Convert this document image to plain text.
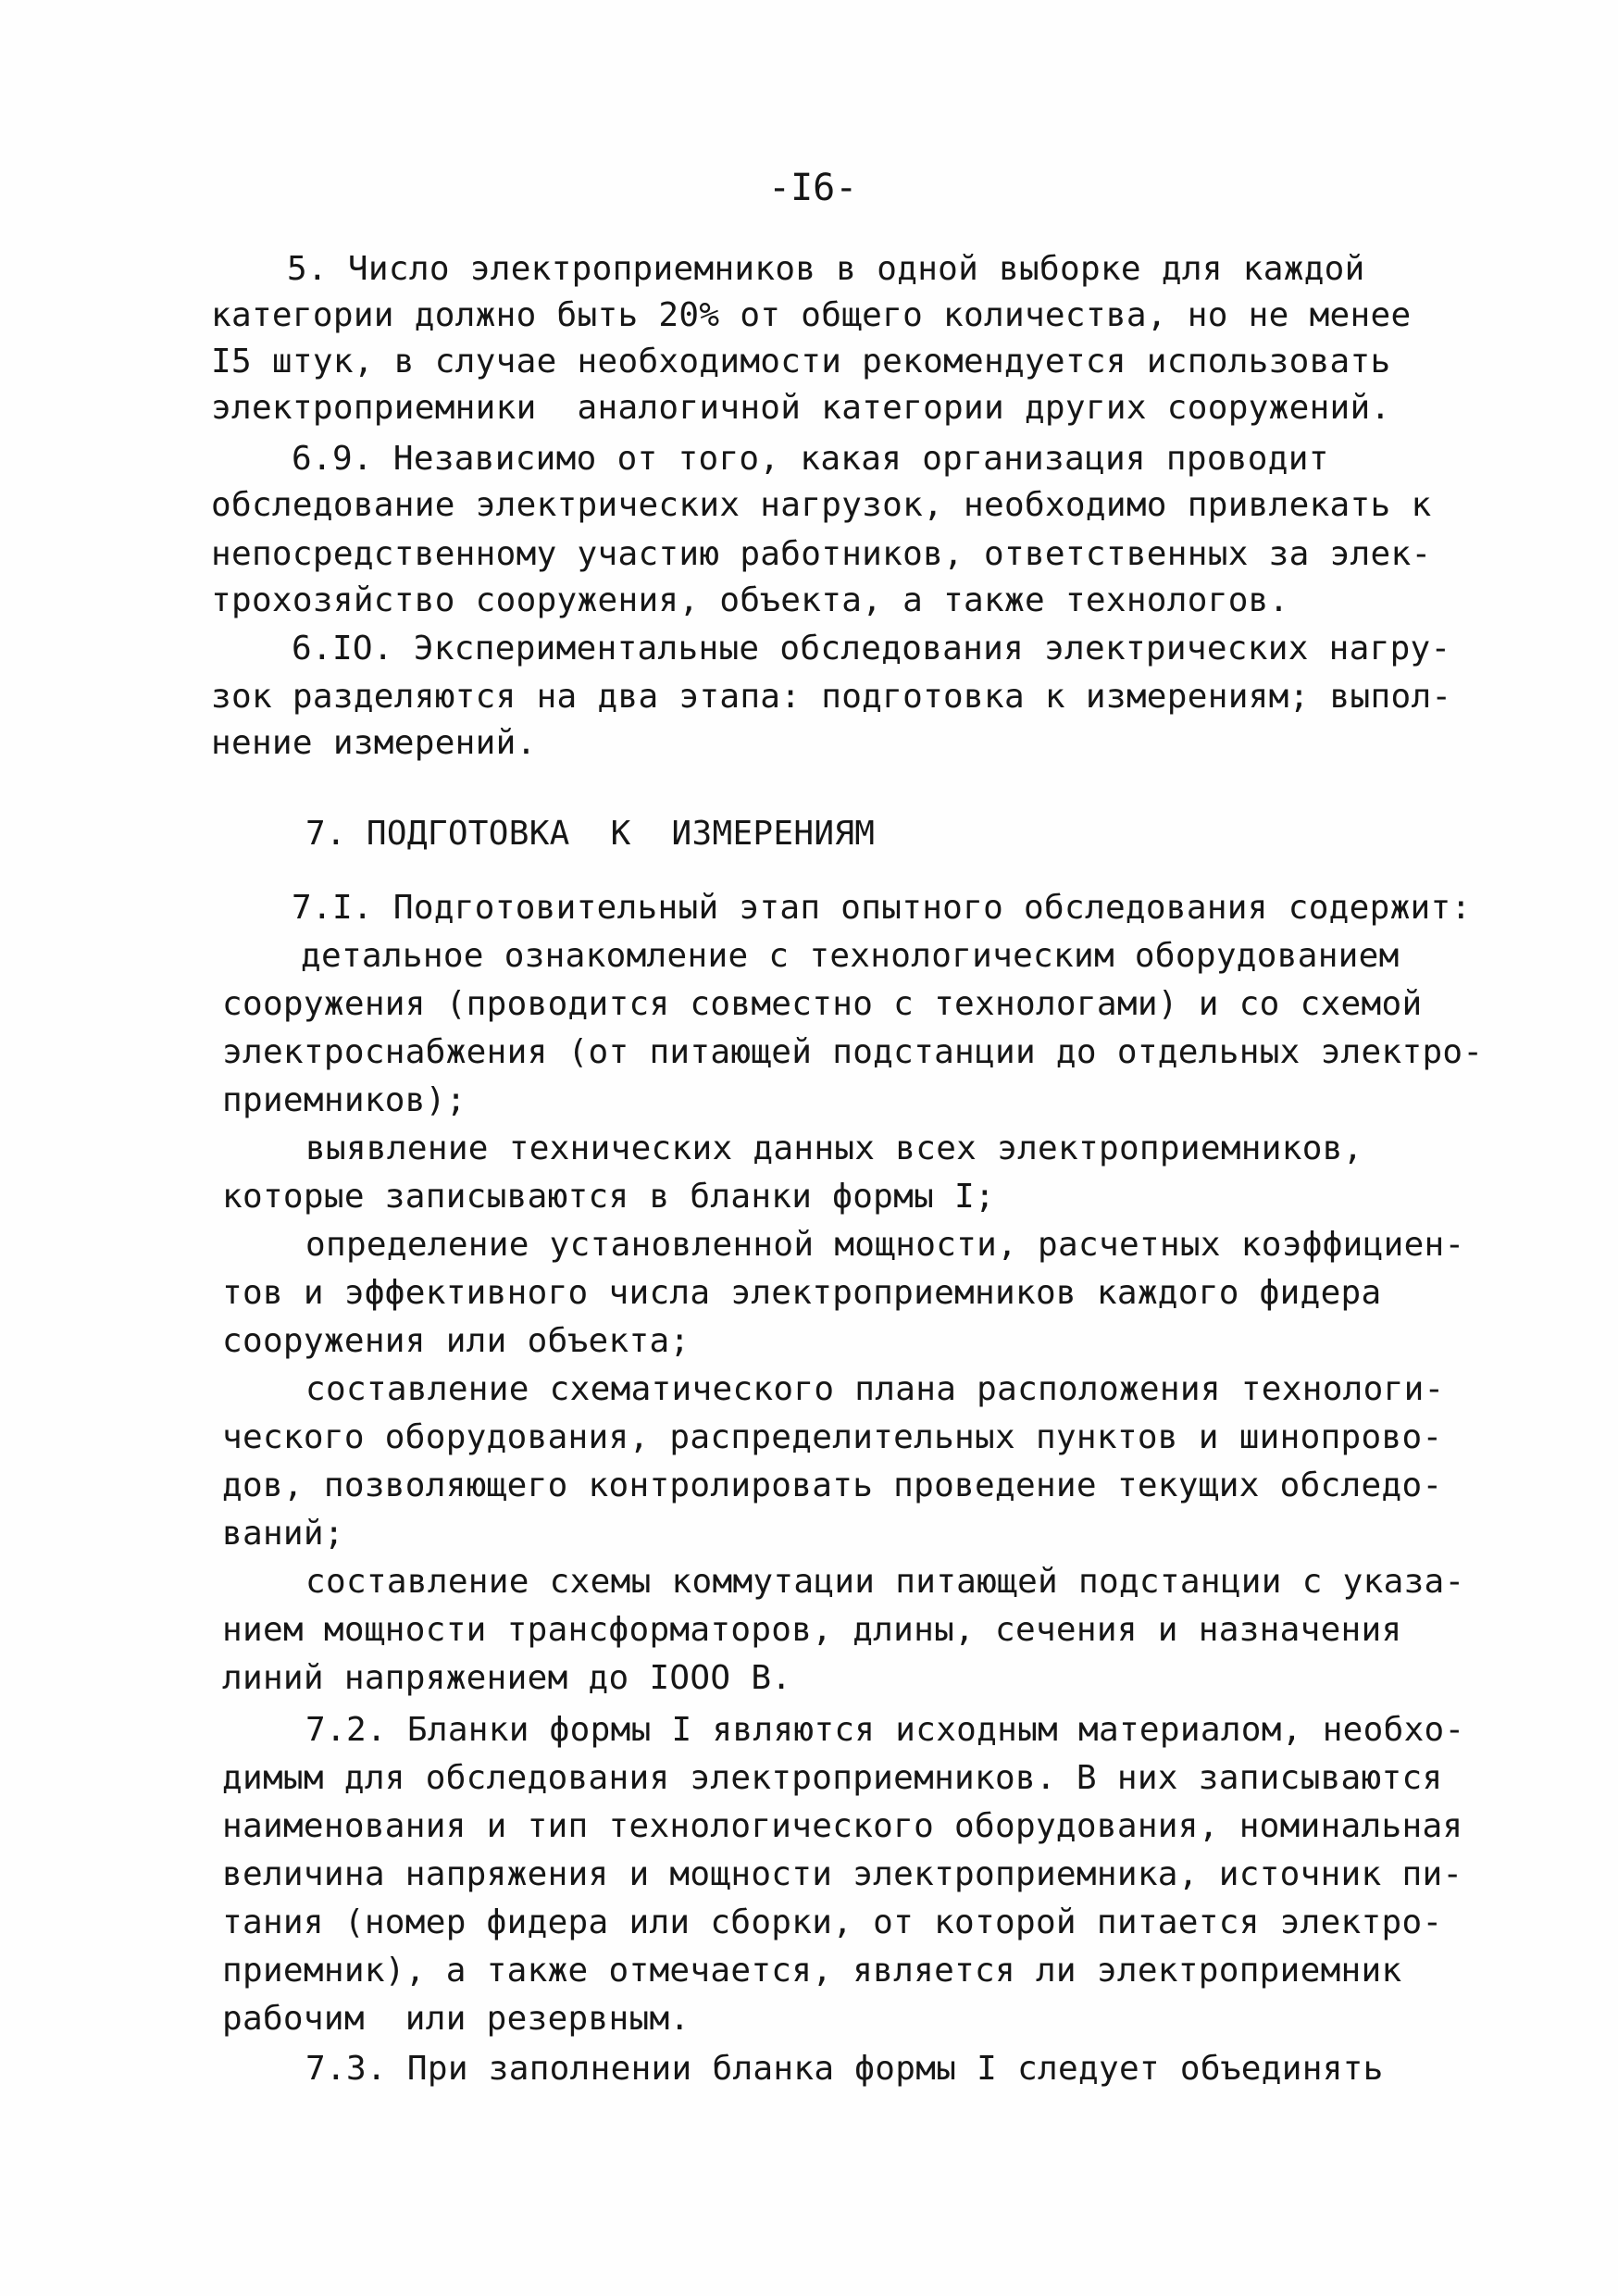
-I6-
5. Число электроприемников в одной выборке для каждой
категории должно быть 20% от общего количества, но не менее
I5 штук, в случае необходимости рекомендуется использовать
электроприемники  аналогичной категории других сооружений.
6.9. Независимо от того, какая организация проводит
обследование электрических нагрузок, необходимо привлекать к
непосредственному участию работников, ответственных за элек-
трохозяйство сооружения, объекта, а также технологов.
6.IO. Экспериментальные обследования электрических нагру-
зок разделяются на два этапа: подготовка к измерениям; выпол-
нение измерений.
7. ПОДГОТОВКА  К  ИЗМЕРЕНИЯМ
7.I. Подготовительный этап опытного обследования содержит:
детальное ознакомление с технологическим оборудованием
сооружения (проводится совместно с технологами) и со схемой
электроснабжения (от питающей подстанции до отдельных электро-
приемников);
выявление технических данных всех электроприемников,
которые записываются в бланки формы I;
определение установленной мощности, расчетных коэффициен-
тов и эффективного числа электроприемников каждого фидера
сооружения или объекта;
составление схематического плана расположения технологи-
ческого оборудования, распределительных пунктов и шинопрово-
дов, позволяющего контролировать проведение текущих обследо-
ваний;
составление схемы коммутации питающей подстанции с указа-
нием мощности трансформаторов, длины, сечения и назначения
линий напряжением до IOOO В.
7.2. Бланки формы I являются исходным материалом, необхо-
димым для обследования электроприемников. В них записываются
наименования и тип технологического оборудования, номинальная
величина напряжения и мощности электроприемника, источник пи-
тания (номер фидера или сборки, от которой питается электро-
приемник), а также отмечается, является ли электроприемник
рабочим  или резервным.
7.3. При заполнении бланка формы I следует объединять
